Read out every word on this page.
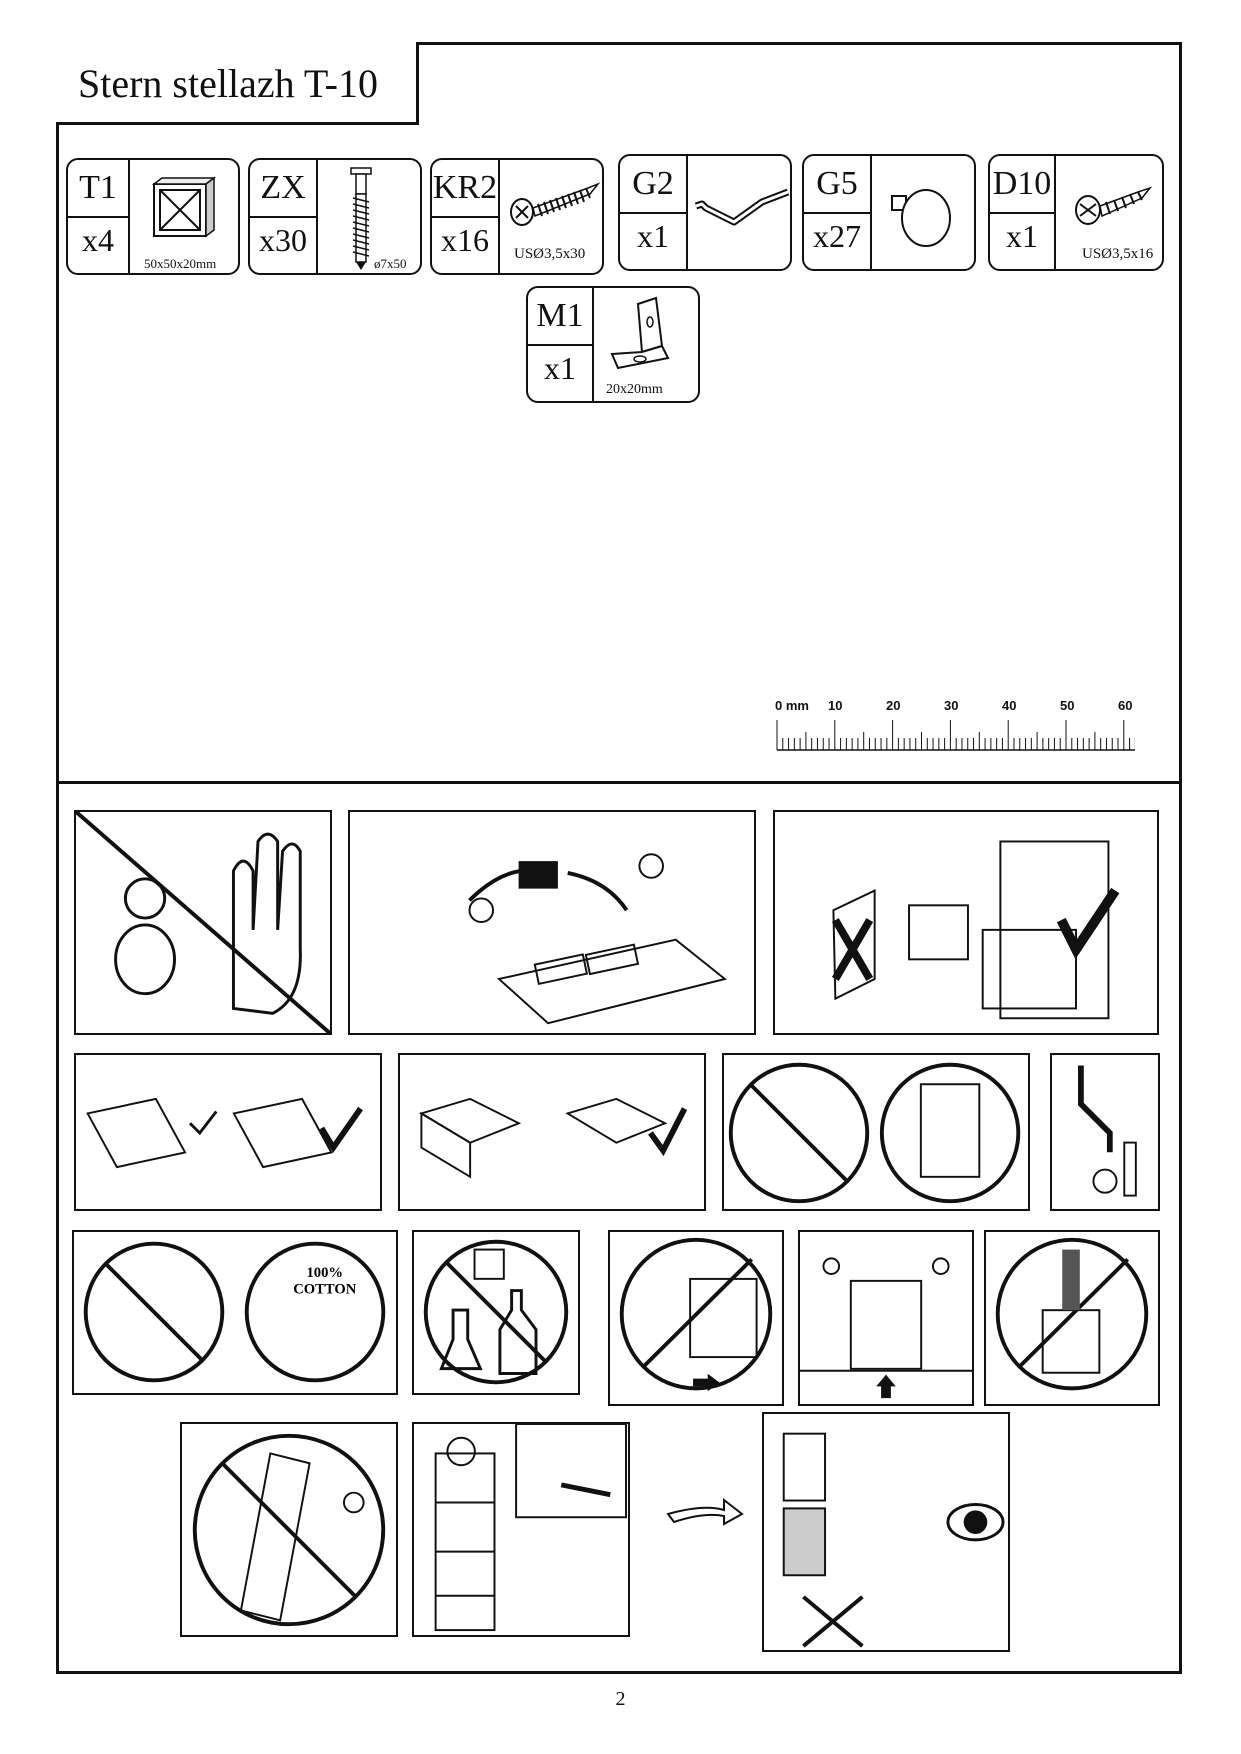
Stern stellazh T-10
T1
x4
50x50x20mm
ZX
x30
ø7x50
KR2
x16	USØ3,5x30
G2
x1
G5
x27
D10
x1	USØ3,5x16
M1
x1
20x20mm
0 mm 10	20	30	40	50	60
100%
COTTON
2
